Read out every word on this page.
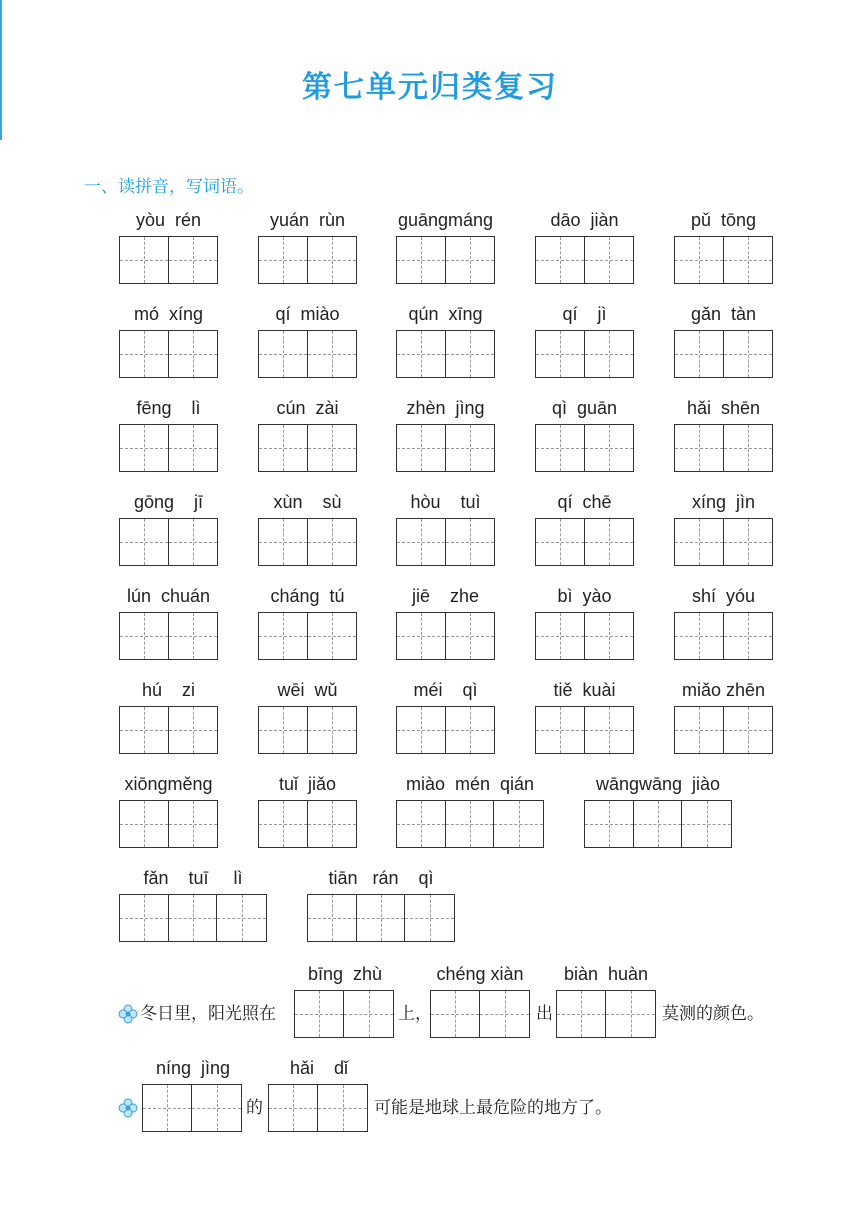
第七单元归类复习
一、读拼音，写词语。
yòu  rén	yuán  rùn	guāngmáng	dāo  jiàn	pǔ  tōng
mó  xíng	qí  miào	qún  xīng	qí    jì	gǎn  tàn
fēng    lì	cún  zài	zhèn  jìng	qì  guān	hǎi  shēn
gōng    jī	xùn    sù	hòu    tuì	qí  chē	xíng  jìn
lún  chuán	cháng  tú	jiē    zhe	bì  yào	shí  yóu
hú    zi	wēi  wǔ	méi    qì	tiě  kuài	miǎo zhēn
xiōngměng	tuǐ  jiǎo	miào  mén  qián	wāngwāng  jiào
fǎn    tuī     lì	tiān   rán    qì
bīng  zhù	chéng xiàn	biàn  huàn
冬日里，阳光照在	上，	出	莫测的颜色。
níng  jìng	hǎi    dǐ
的	可能是地球上最危险的地方了。
